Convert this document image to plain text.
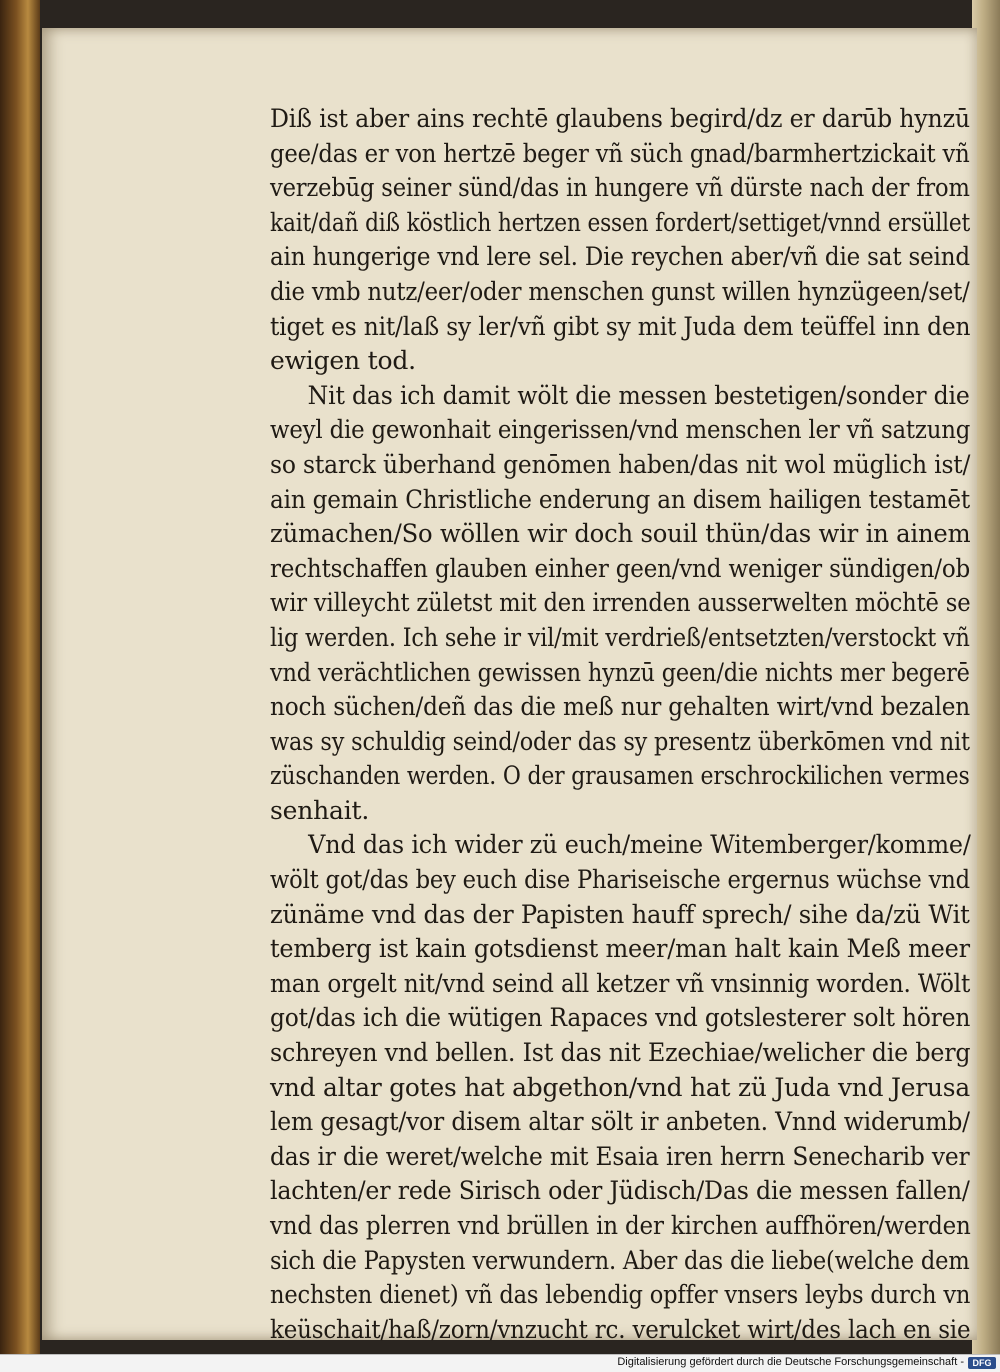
Diß ist aber ains rechtē glaubens begird/dz er darūb hynzū
gee/das er von hertzē beger vñ süch gnad/barmhertzickait vñ
verzebūg seiner sünd/das in hungere vñ dürste nach der from
kait/dañ diß köstlich hertzen essen fordert/settiget/vnnd ersüllet
ain hungerige vnd lere sel. Die reychen aber/vñ die sat seind
die vmb nutz/eer/oder menschen gunst willen hynzügeen/set/
tiget es nit/laß sy ler/vñ gibt sy mit Juda dem teüffel inn den
ewigen tod.
Nit das ich damit wölt die messen bestetigen/sonder die
weyl die gewonhait eingerissen/vnd menschen ler vñ satzung
so starck überhand genōmen haben/das nit wol müglich ist/
ain gemain Christliche enderung an disem hailigen testamēt
zümachen/So wöllen wir doch souil thün/das wir in ainem
rechtschaffen glauben einher geen/vnd weniger sündigen/ob
wir villeycht zületst mit den irrenden ausserwelten möchtē se
lig werden. Ich sehe ir vil/mit verdrieß/entsetzten/verstockt vñ
vnd verächtlichen gewissen hynzū geen/die nichts mer begerē
noch süchen/deñ das die meß nur gehalten wirt/vnd bezalen
was sy schuldig seind/oder das sy presentz überkōmen vnd nit
züschanden werden. O der grausamen erschrockilichen vermes
senhait.
Vnd das ich wider zü euch/meine Witemberger/komme/
wölt got/das bey euch dise Phariseische ergernus wüchse vnd
zünäme vnd das der Papisten hauff sprech/ sihe da/zü Wit
temberg ist kain gotsdienst meer/man halt kain Meß meer
man orgelt nit/vnd seind all ketzer vñ vnsinnig worden. Wölt
got/das ich die wütigen Rapaces vnd gotslesterer solt hören
schreyen vnd bellen. Ist das nit Ezechiae/welicher die berg
vnd altar gotes hat abgethon/vnd hat zü Juda vnd Jerusa
lem gesagt/vor disem altar sölt ir anbeten. Vnnd widerumb/
das ir die weret/welche mit Esaia iren herrn Senecharib ver
lachten/er rede Sirisch oder Jüdisch/Das die messen fallen/
vnd das plerren vnd brüllen in der kirchen auffhören/werden
sich die Papysten verwundern. Aber das die liebe(welche dem
nechsten dienet) vñ das lebendig opffer vnsers leybs durch vn
keüschait/haß/zorn/vnzucht rc. verulcket wirt/des lach en sie
Digitalisierung gefördert durch die Deutsche Forschungsgemeinschaft - DFG
